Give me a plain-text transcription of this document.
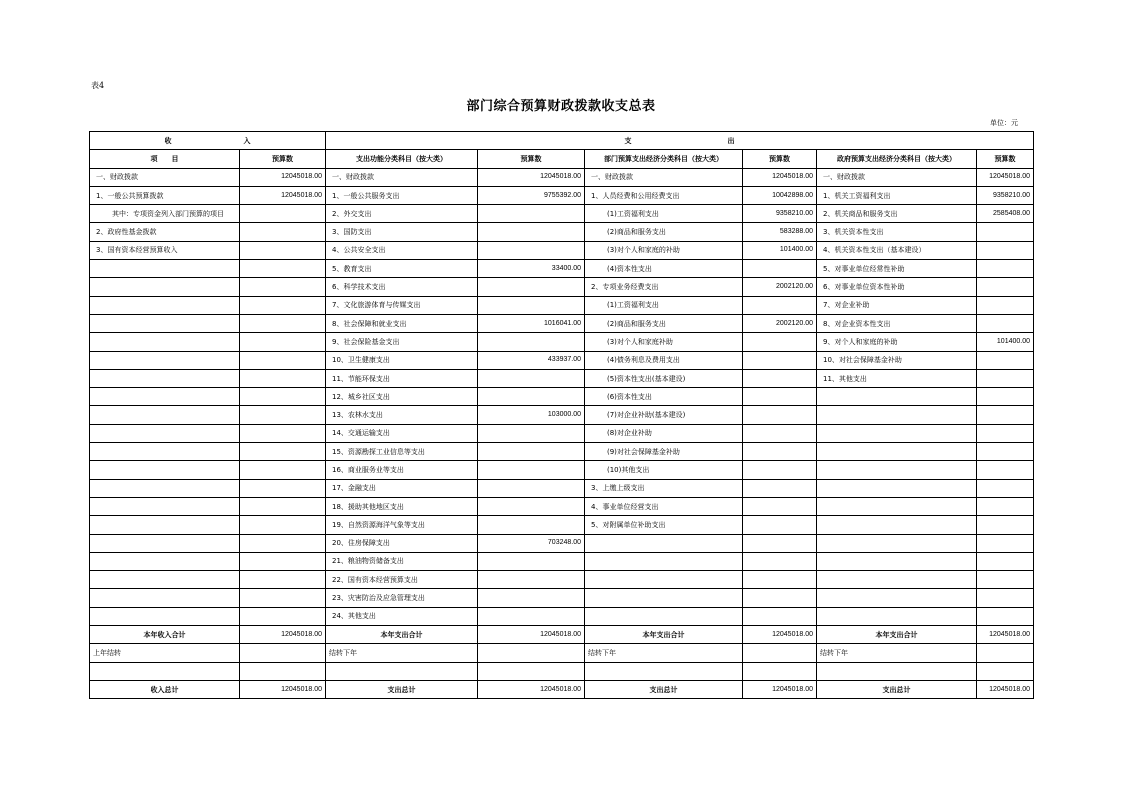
表4
部门综合预算财政拨款收支总表
单位：元
收 入		支 出					
项　　目	预算数	支出功能分类科目（按大类）	预算数	部门预算支出经济分类科目（按大类）	预算数	政府预算支出经济分类科目（按大类）	预算数
一、财政拨款	12045018.00	一、财政拨款	12045018.00	一、财政拨款	12045018.00	一、财政拨款	12045018.00
1、一般公共预算拨款	12045018.00	1、一般公共服务支出	9755392.00	1、人员经费和公用经费支出	10042898.00	1、机关工资福利支出	9358210.00
其中：专项资金列入部门预算的项目		2、外交支出		(1)工资福利支出	9358210.00	2、机关商品和服务支出	2585408.00
2、政府性基金拨款		3、国防支出		(2)商品和服务支出	583288.00	3、机关资本性支出	
3、国有资本经营预算收入		4、公共安全支出		(3)对个人和家庭的补助	101400.00	4、机关资本性支出（基本建设）	
		5、教育支出	33400.00	(4)资本性支出		5、对事业单位经常性补助	
		6、科学技术支出		2、专项业务经费支出	2002120.00	6、对事业单位资本性补助	
		7、文化旅游体育与传媒支出		(1)工资福利支出		7、对企业补助	
		8、社会保障和就业支出	1016041.00	(2)商品和服务支出	2002120.00	8、对企业资本性支出	
		9、社会保险基金支出		(3)对个人和家庭补助		9、对个人和家庭的补助	101400.00
		10、卫生健康支出	433937.00	(4)债务利息及费用支出		10、对社会保障基金补助	
		11、节能环保支出		(5)资本性支出(基本建设)		11、其他支出	
		12、城乡社区支出		(6)资本性支出			
		13、农林水支出	103000.00	(7)对企业补助(基本建设)			
		14、交通运输支出		(8)对企业补助			
		15、资源勘探工业信息等支出		(9)对社会保障基金补助			
		16、商业服务业等支出		(10)其他支出			
		17、金融支出		3、上缴上级支出			
		18、援助其他地区支出		4、事业单位经营支出			
		19、自然资源海洋气象等支出		5、对附属单位补助支出			
		20、住房保障支出	703248.00				
		21、粮油物资储备支出					
		22、国有资本经营预算支出					
		23、灾害防治及应急管理支出					
		24、其他支出					
本年收入合计	12045018.00	本年支出合计	12045018.00	本年支出合计	12045018.00	本年支出合计	12045018.00
上年结转		结转下年		结转下年		结转下年	

收入总计	12045018.00	支出总计	12045018.00	支出总计	12045018.00	支出总计	12045018.00
